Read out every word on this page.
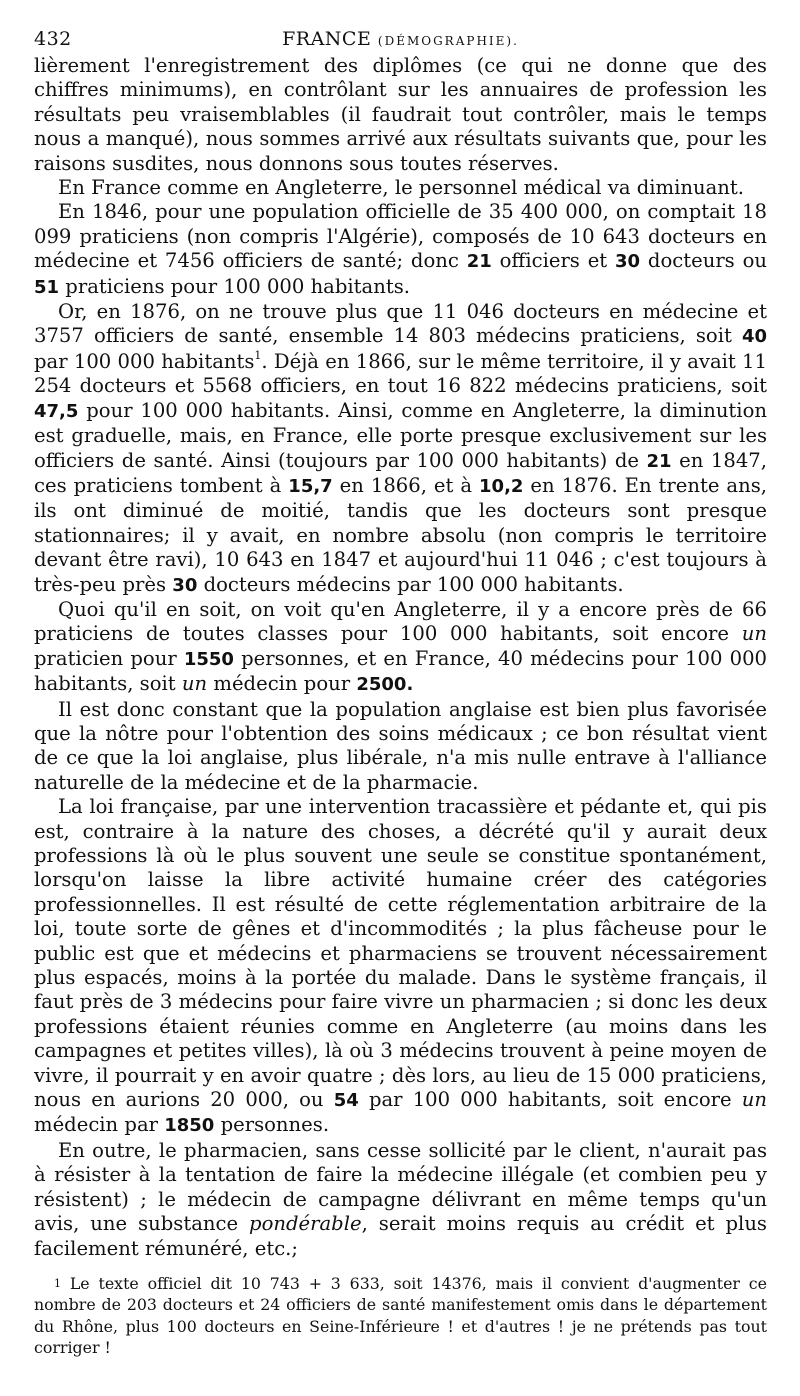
432	FRANCE (DÉMOGRAPHIE).

lièrement l'enregistrement des diplômes (ce qui ne donne que des chiffres minimums), en contrôlant sur les annuaires de profession les résultats peu vraisemblables (il faudrait tout contrôler, mais le temps nous a manqué), nous sommes arrivé aux résultats suivants que, pour les raisons susdites, nous donnons sous toutes réserves.

En France comme en Angleterre, le personnel médical va diminuant.

En 1846, pour une population officielle de 35 400 000, on comptait 18 099 praticiens (non compris l'Algérie), composés de 10 643 docteurs en médecine et 7456 officiers de santé; donc 21 officiers et 30 docteurs ou 51 praticiens pour 100 000 habitants.

Or, en 1876, on ne trouve plus que 11 046 docteurs en médecine et 3757 officiers de santé, ensemble 14 803 médecins praticiens, soit 40 par 100 000 habitants$^1$. Déjà en 1866, sur le même territoire, il y avait 11 254 docteurs et 5568 officiers, en tout 16 822 médecins praticiens, soit 47,5 pour 100 000 habitants. Ainsi, comme en Angleterre, la diminution est graduelle, mais, en France, elle porte presque exclusivement sur les officiers de santé. Ainsi (toujours par 100 000 habitants) de 21 en 1847, ces praticiens tombent à 15,7 en 1866, et à 10,2 en 1876. En trente ans, ils ont diminué de moitié, tandis que les docteurs sont presque stationnaires; il y avait, en nombre absolu (non compris le territoire devant être ravi), 10 643 en 1847 et aujourd'hui 11 046 ; c'est toujours à très-peu près 30 docteurs médecins par 100 000 habitants.

Quoi qu'il en soit, on voit qu'en Angleterre, il y a encore près de 66 praticiens de toutes classes pour 100 000 habitants, soit encore un praticien pour 1550 personnes, et en France, 40 médecins pour 100 000 habitants, soit un médecin pour 2500.

Il est donc constant que la population anglaise est bien plus favorisée que la nôtre pour l'obtention des soins médicaux ; ce bon résultat vient de ce que la loi anglaise, plus libérale, n'a mis nulle entrave à l'alliance naturelle de la médecine et de la pharmacie.

La loi française, par une intervention tracassière et pédante et, qui pis est, contraire à la nature des choses, a décrété qu'il y aurait deux professions là où le plus souvent une seule se constitue spontanément, lorsqu'on laisse la libre activité humaine créer des catégories professionnelles. Il est résulté de cette réglementation arbitraire de la loi, toute sorte de gênes et d'incommodités ; la plus fâcheuse pour le public est que et médecins et pharmaciens se trouvent nécessairement plus espacés, moins à la portée du malade. Dans le système français, il faut près de 3 médecins pour faire vivre un pharmacien ; si donc les deux professions étaient réunies comme en Angleterre (au moins dans les campagnes et petites villes), là où 3 médecins trouvent à peine moyen de vivre, il pourrait y en avoir quatre ; dès lors, au lieu de 15 000 praticiens, nous en aurions 20 000, ou 54 par 100 000 habitants, soit encore un médecin par 1850 personnes.

En outre, le pharmacien, sans cesse sollicité par le client, n'aurait pas à résister à la tentation de faire la médecine illégale (et combien peu y résistent) ; le médecin de campagne délivrant en même temps qu'un avis, une substance pondérable, serait moins requis au crédit et plus facilement rémunéré, etc.;

$^1$ Le texte officiel dit 10 743 + 3 633, soit 14376, mais il convient d'augmenter ce nombre de 203 docteurs et 24 officiers de santé manifestement omis dans le département du Rhône, plus 100 docteurs en Seine-Inférieure ! et d'autres ! je ne prétends pas tout corriger !
